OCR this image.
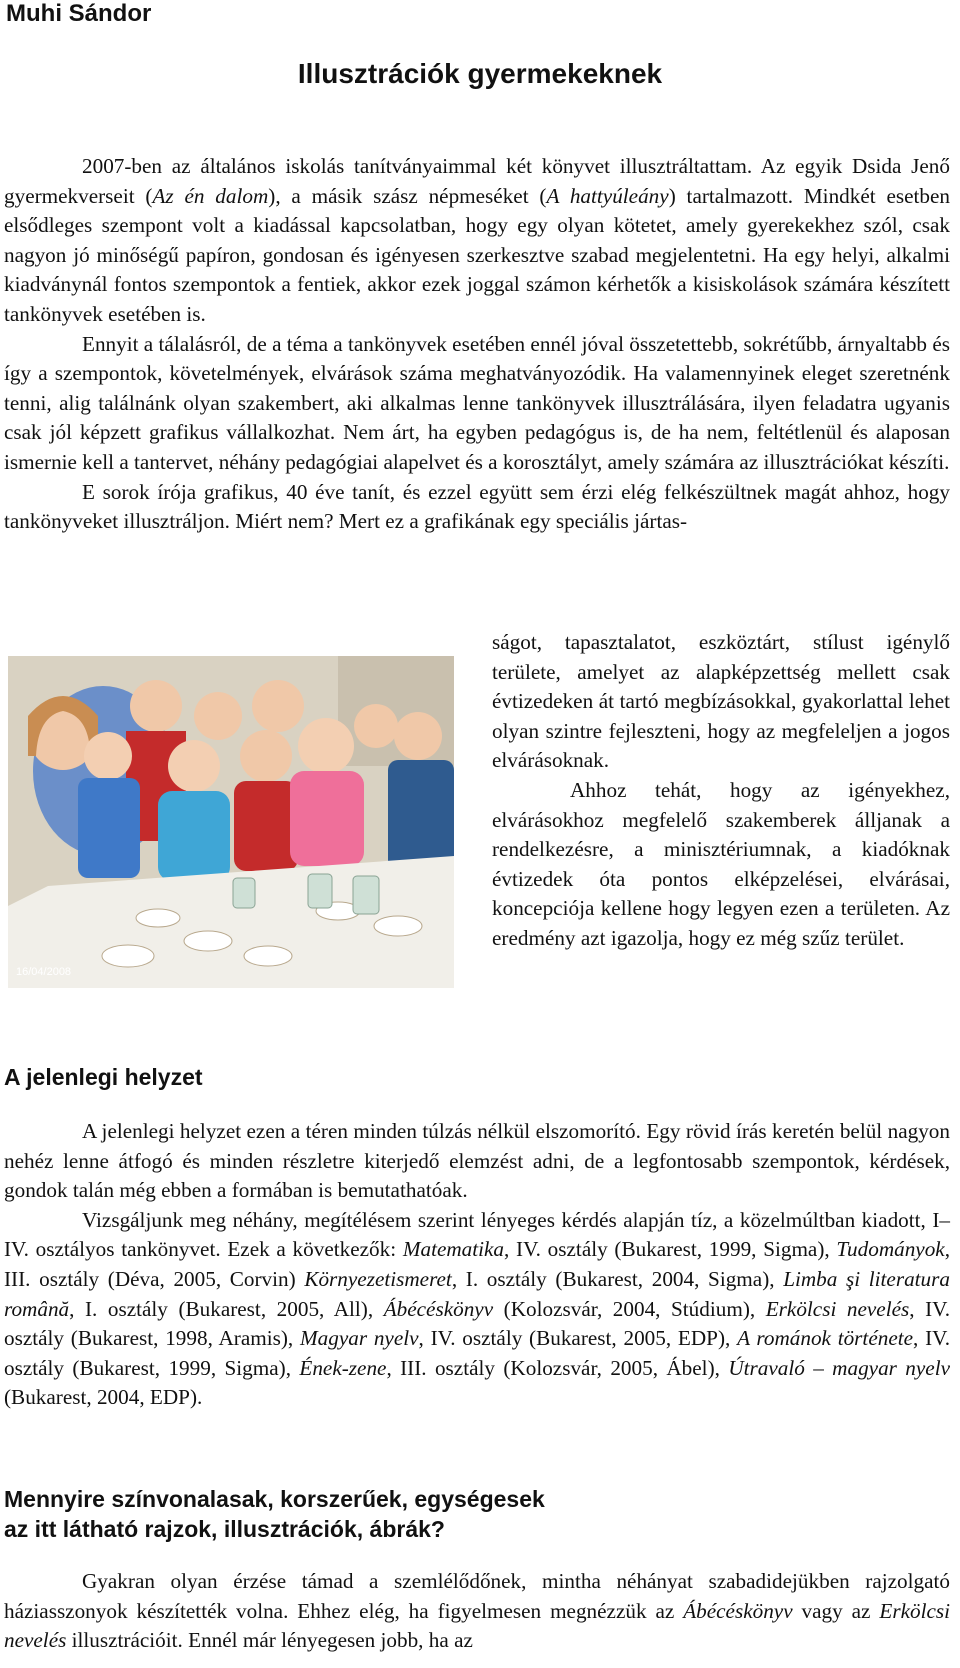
Muhi Sándor
Illusztrációk gyermekeknek

2007-ben az általános iskolás tanítványaimmal két könyvet illusztráltattam. Az egyik Dsida Jenő gyermekverseit (Az én dalom), a másik szász népmeséket (A hattyúleány) tartalmazott. Mindkét esetben elsődleges szempont volt a kiadással kapcsolatban, hogy egy olyan kötetet, amely gyerekekhez szól, csak nagyon jó minőségű papíron, gondosan és igényesen szerkesztve szabad megjelentetni. Ha egy helyi, alkalmi kiadványnál fontos szempontok a fentiek, akkor ezek joggal számon kérhetők a kisiskolások számára készített tankönyvek esetében is.

Ennyit a tálalásról, de a téma a tankönyvek esetében ennél jóval összetettebb, sokrétűbb, árnyaltabb és így a szempontok, követelmények, elvárások száma meghatványozódik. Ha valamennyinek eleget szeretnénk tenni, alig találnánk olyan szakembert, aki alkalmas lenne tankönyvek illusztrálására, ilyen feladatra ugyanis csak jól képzett grafikus vállalkozhat. Nem árt, ha egyben pedagógus is, de ha nem, feltétlenül és alaposan ismernie kell a tantervet, néhány pedagógiai alapelvet és a korosztályt, amely számára az illusztrációkat készíti.

E sorok írója grafikus, 40 éve tanít, és ezzel együtt sem érzi elég felkészültnek magát ahhoz, hogy tankönyveket illusztráljon. Miért nem? Mert ez a grafikának egy speciális jártas-

16/04/2008

ságot, tapasztalatot, eszköztárt, stílust igénylő területe, amelyet az alapképzettség mellett csak évtizedeken át tartó megbízásokkal, gyakorlattal lehet olyan szintre fejleszteni, hogy az megfeleljen a jogos elvárásoknak.

Ahhoz tehát, hogy az igényekhez, elvárásokhoz megfelelő szakemberek álljanak a rendelkezésre, a minisztériumnak, a kiadóknak évtizedek óta pontos elképzelései, elvárásai, koncepciója kellene hogy legyen ezen a területen. Az eredmény azt igazolja, hogy ez még szűz terület.

A jelenlegi helyzet

A jelenlegi helyzet ezen a téren minden túlzás nélkül elszomorító. Egy rövid írás keretén belül nagyon nehéz lenne átfogó és minden részletre kiterjedő elemzést adni, de a legfontosabb szempontok, kérdések, gondok talán még ebben a formában is bemutathatóak.

Vizsgáljunk meg néhány, megítélésem szerint lényeges kérdés alapján tíz, a közelmúltban kiadott, I–IV. osztályos tankönyvet. Ezek a következők: Matematika, IV. osztály (Bukarest, 1999, Sigma), Tudományok, III. osztály (Déva, 2005, Corvin) Környezetismeret, I. osztály (Bukarest, 2004, Sigma), Limba şi literatura română, I. osztály (Bukarest, 2005, All), Ábécéskönyv (Kolozsvár, 2004, Stúdium), Erkölcsi nevelés, IV. osztály (Bukarest, 1998, Aramis), Magyar nyelv, IV. osztály (Bukarest, 2005, EDP), A románok története, IV. osztály (Bukarest, 1999, Sigma), Ének-zene, III. osztály (Kolozsvár, 2005, Ábel), Útravaló – magyar nyelv (Bukarest, 2004, EDP).

Mennyire színvonalasak, korszerűek, egységesek
az itt látható rajzok, illusztrációk, ábrák?

Gyakran olyan érzése támad a szemlélődőnek, mintha néhányat szabadidejükben rajzolgató háziasszonyok készítették volna. Ehhez elég, ha figyelmesen megnézzük az Ábécéskönyv vagy az Erkölcsi nevelés illusztrációit. Ennél már lényegesen jobb, ha az
